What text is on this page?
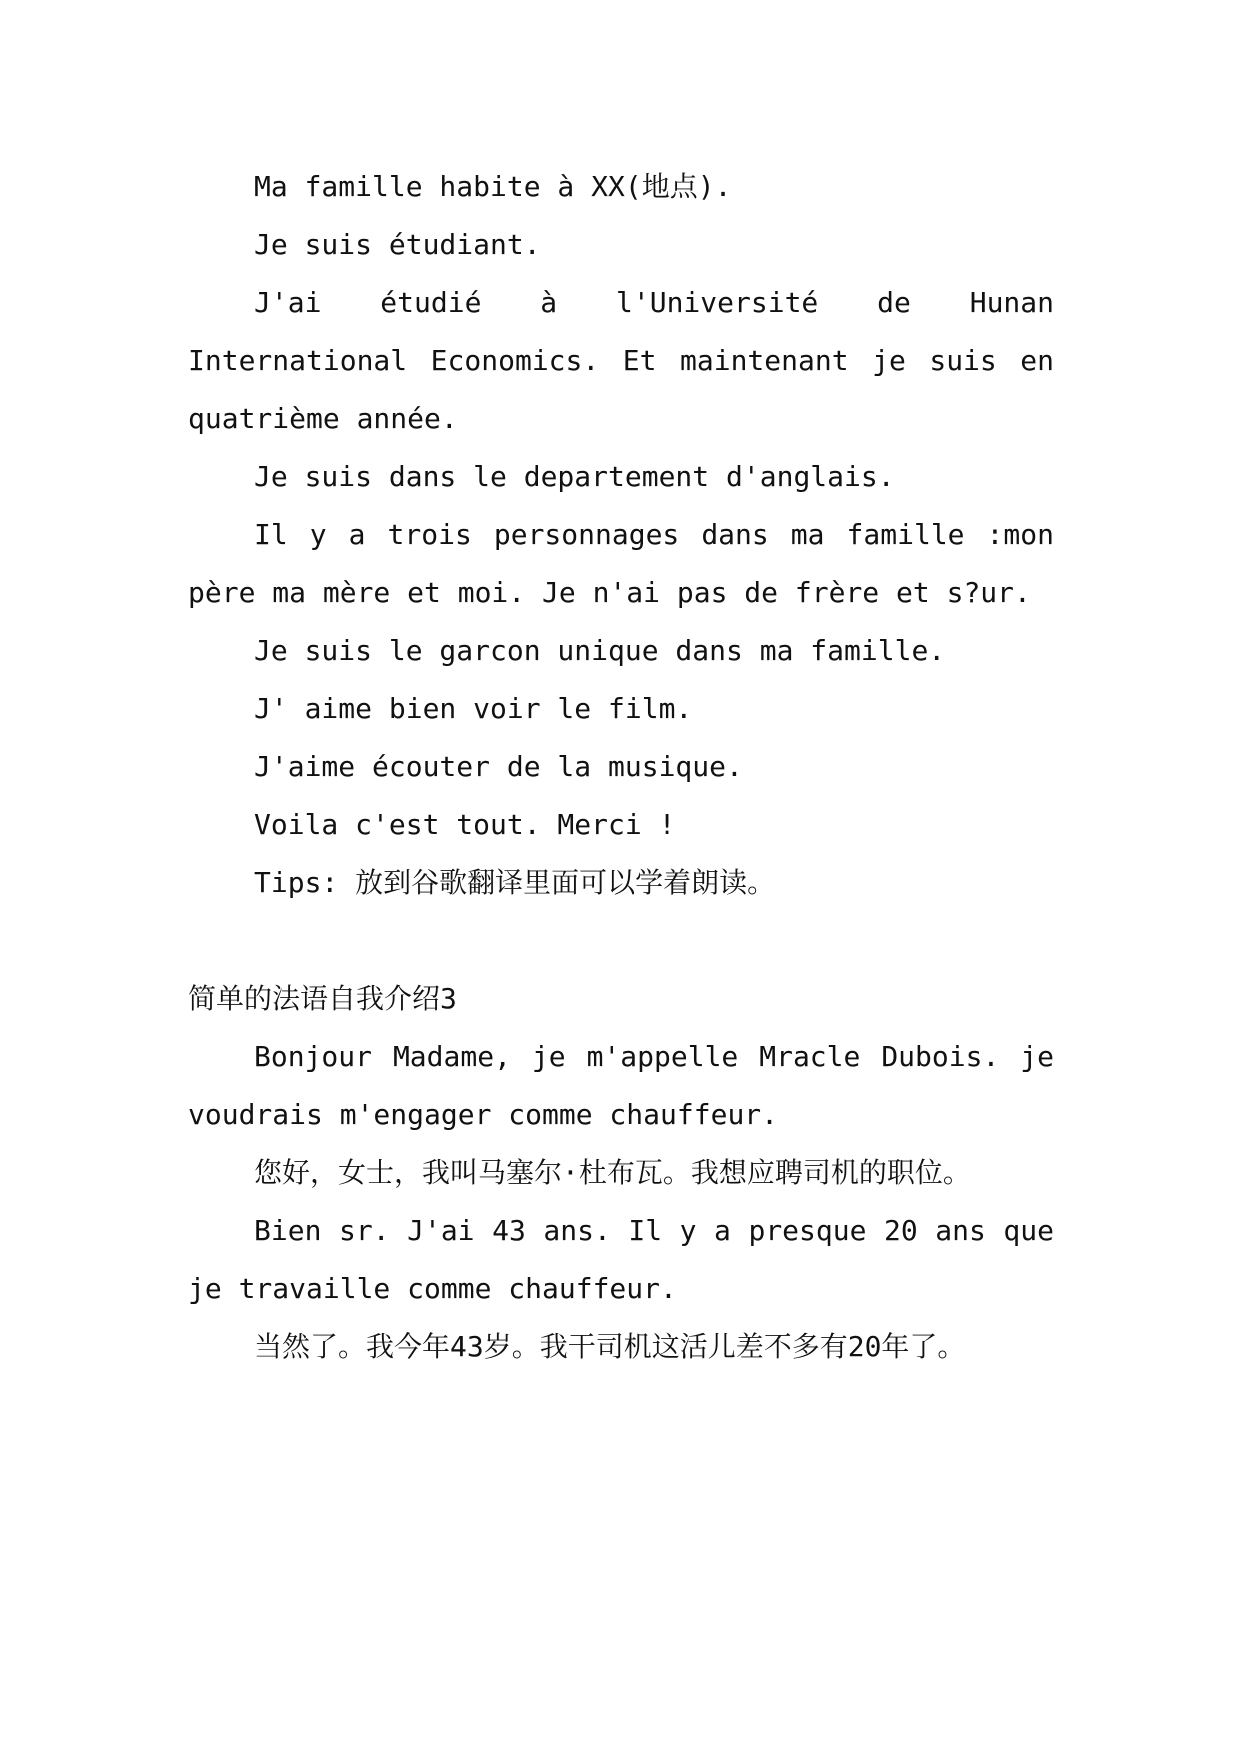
Ma famille habite à XX(地点).

Je suis étudiant.

J'ai étudié à l'Université de Hunan International Economics. Et maintenant je suis en quatrième année.

Je suis dans le departement d'anglais.

Il y a trois personnages dans ma famille :mon père ma mère et moi. Je n'ai pas de frère et s?ur.

Je suis le garcon unique dans ma famille.

J' aime bien voir le film.

J'aime écouter de la musique.

Voila c'est tout. Merci !

Tips: 放到谷歌翻译里面可以学着朗读。

简单的法语自我介绍3

Bonjour Madame, je m'appelle Mracle Dubois. je voudrais m'engager comme chauffeur.

您好，女士，我叫马塞尔·杜布瓦。我想应聘司机的职位。

Bien sr. J'ai 43 ans. Il y a presque 20 ans que je travaille comme chauffeur.

当然了。我今年43岁。我干司机这活儿差不多有20年了。
